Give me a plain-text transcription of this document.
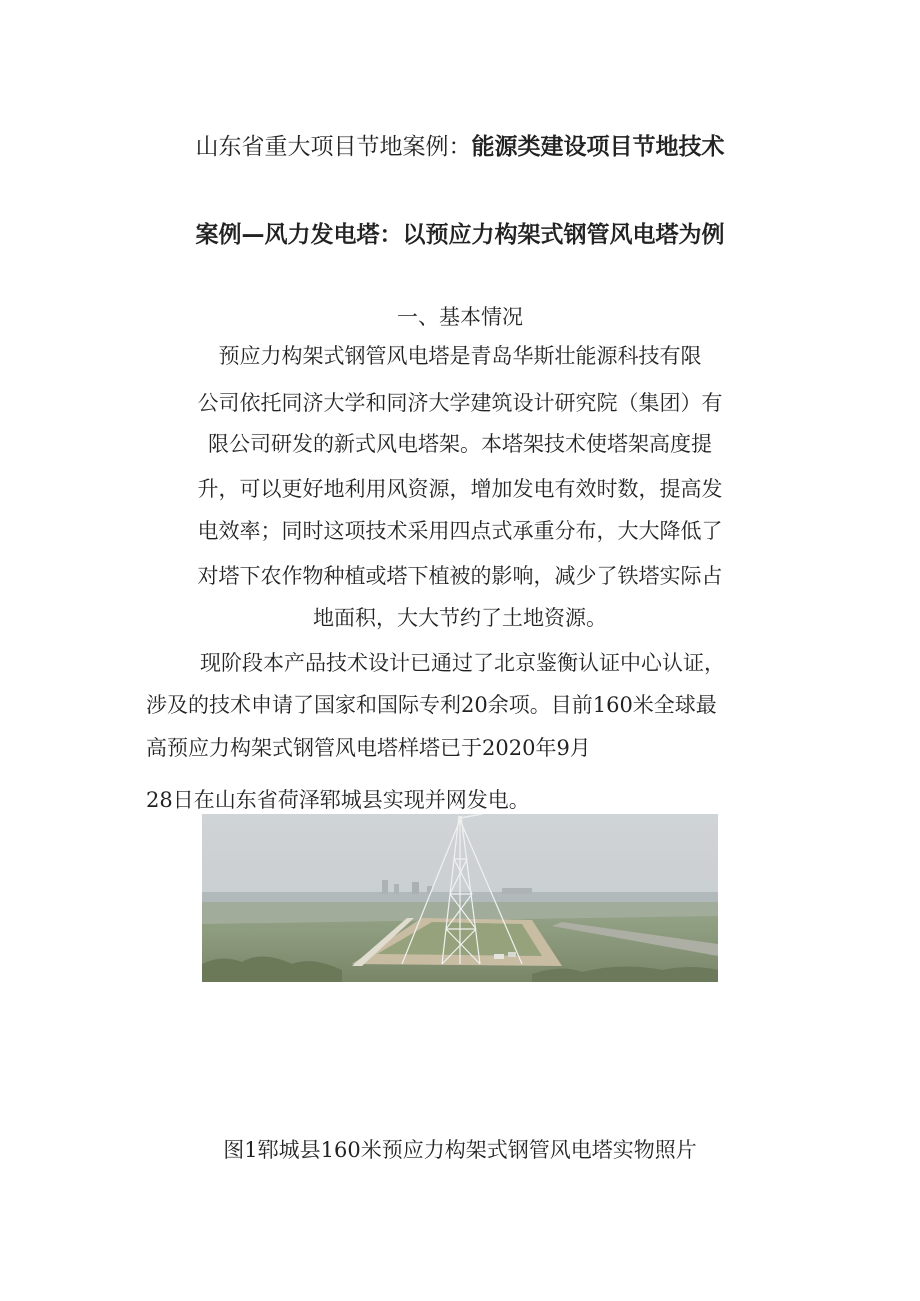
山东省重大项目节地案例：能源类建设项目节地技术
案例—风力发电塔：以预应力构架式钢管风电塔为例
一、基本情况
预应力构架式钢管风电塔是青岛华斯壮能源科技有限
公司依托同济大学和同济大学建筑设计研究院（集团）有
限公司研发的新式风电塔架。本塔架技术使塔架高度提
升，可以更好地利用风资源，增加发电有效时数，提高发
电效率；同时这项技术采用四点式承重分布，大大降低了
对塔下农作物种植或塔下植被的影响，减少了铁塔实际占
地面积，大大节约了土地资源。
现阶段本产品技术设计已通过了北京鉴衡认证中心认证，
涉及的技术申请了国家和国际专利20余项。目前160米全球最
高预应力构架式钢管风电塔样塔已于2020年9月
28日在山东省荷泽郓城县实现并网发电。
图1郓城县160米预应力构架式钢管风电塔实物照片
